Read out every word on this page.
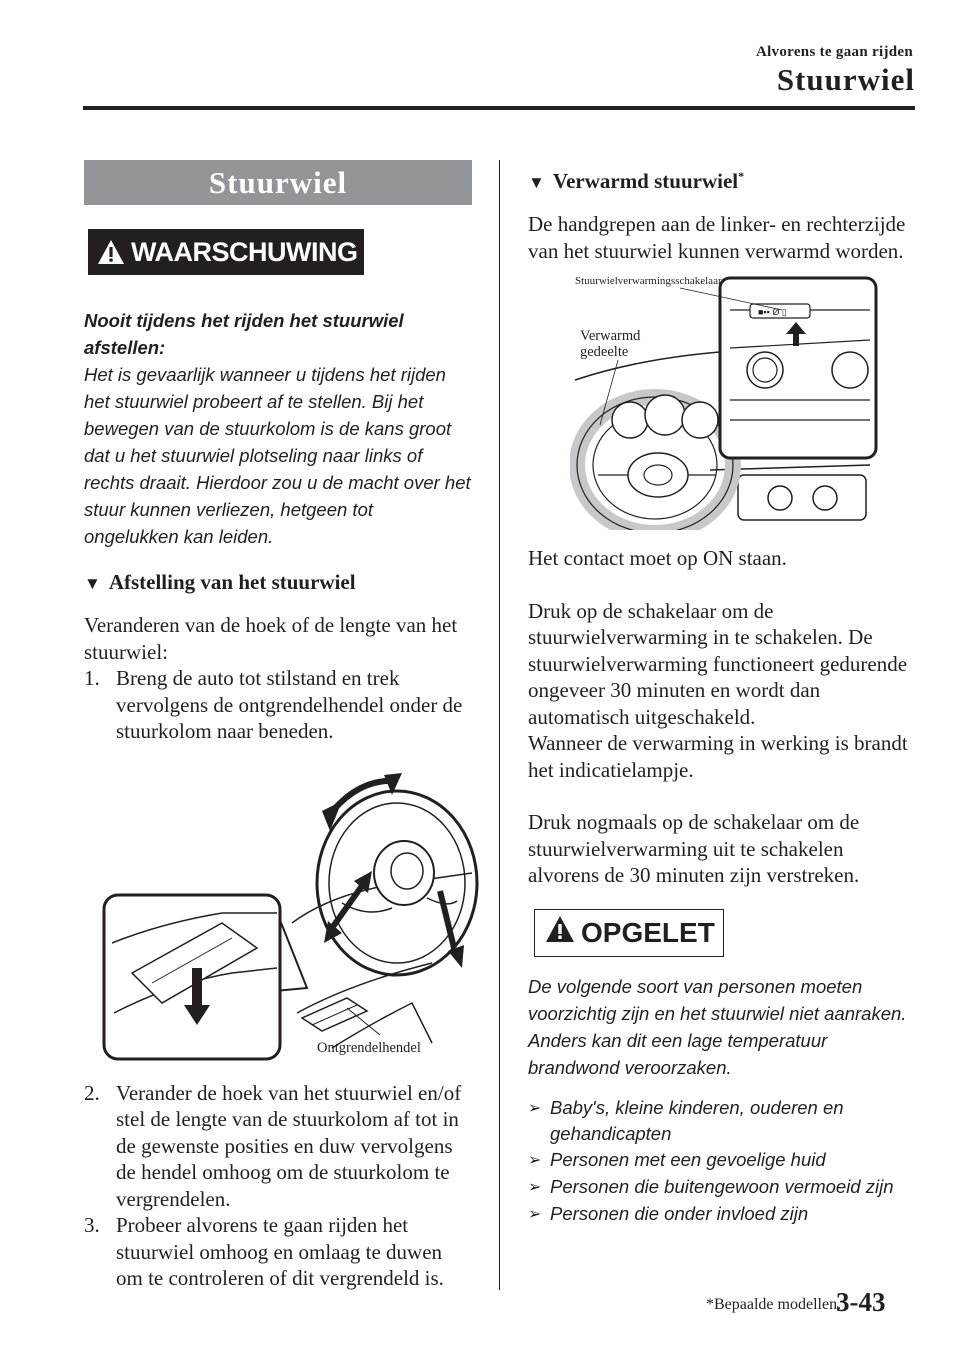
Alvorens te gaan rijden
Stuurwiel
Stuurwiel
WAARSCHUWING
Nooit tijdens het rijden het stuurwiel afstellen:
Het is gevaarlijk wanneer u tijdens het rijden het stuurwiel probeert af te stellen. Bij het bewegen van de stuurkolom is de kans groot dat u het stuurwiel plotseling naar links of rechts draait. Hierdoor zou u de macht over het stuur kunnen verliezen, hetgeen tot ongelukken kan leiden.
▼ Afstelling van het stuurwiel
Veranderen van de hoek of de lengte van het stuurwiel:
1. Breng de auto tot stilstand en trek vervolgens de ontgrendelhendel onder de stuurkolom naar beneden.
Ontgrendelhendel
2. Verander de hoek van het stuurwiel en/of stel de lengte van de stuurkolom af tot in de gewenste posities en duw vervolgens de hendel omhoog om de stuurkolom te vergrendelen.
3. Probeer alvorens te gaan rijden het stuurwiel omhoog en omlaag te duwen om te controleren of dit vergrendeld is.
▼ Verwarmd stuurwiel*
De handgrepen aan de linker- en rechterzijde van het stuurwiel kunnen verwarmd worden.
■▪▪ Ø ▯
Stuurwielverwarmingsschakelaar
Verwarmd
gedeelte
Het contact moet op ON staan.
Druk op de schakelaar om de stuurwielverwarming in te schakelen. De stuurwielverwarming functioneert gedurende ongeveer 30 minuten en wordt dan automatisch uitgeschakeld.
Wanneer de verwarming in werking is brandt het indicatielampje.
Druk nogmaals op de schakelaar om de stuurwielverwarming uit te schakelen alvorens de 30 minuten zijn verstreken.
OPGELET
De volgende soort van personen moeten voorzichtig zijn en het stuurwiel niet aanraken. Anders kan dit een lage temperatuur brandwond veroorzaken.
➢ Baby's, kleine kinderen, ouderen en gehandicapten
➢ Personen met een gevoelige huid
➢ Personen die buitengewoon vermoeid zijn
➢ Personen die onder invloed zijn
*Bepaalde modellen.
3-43
